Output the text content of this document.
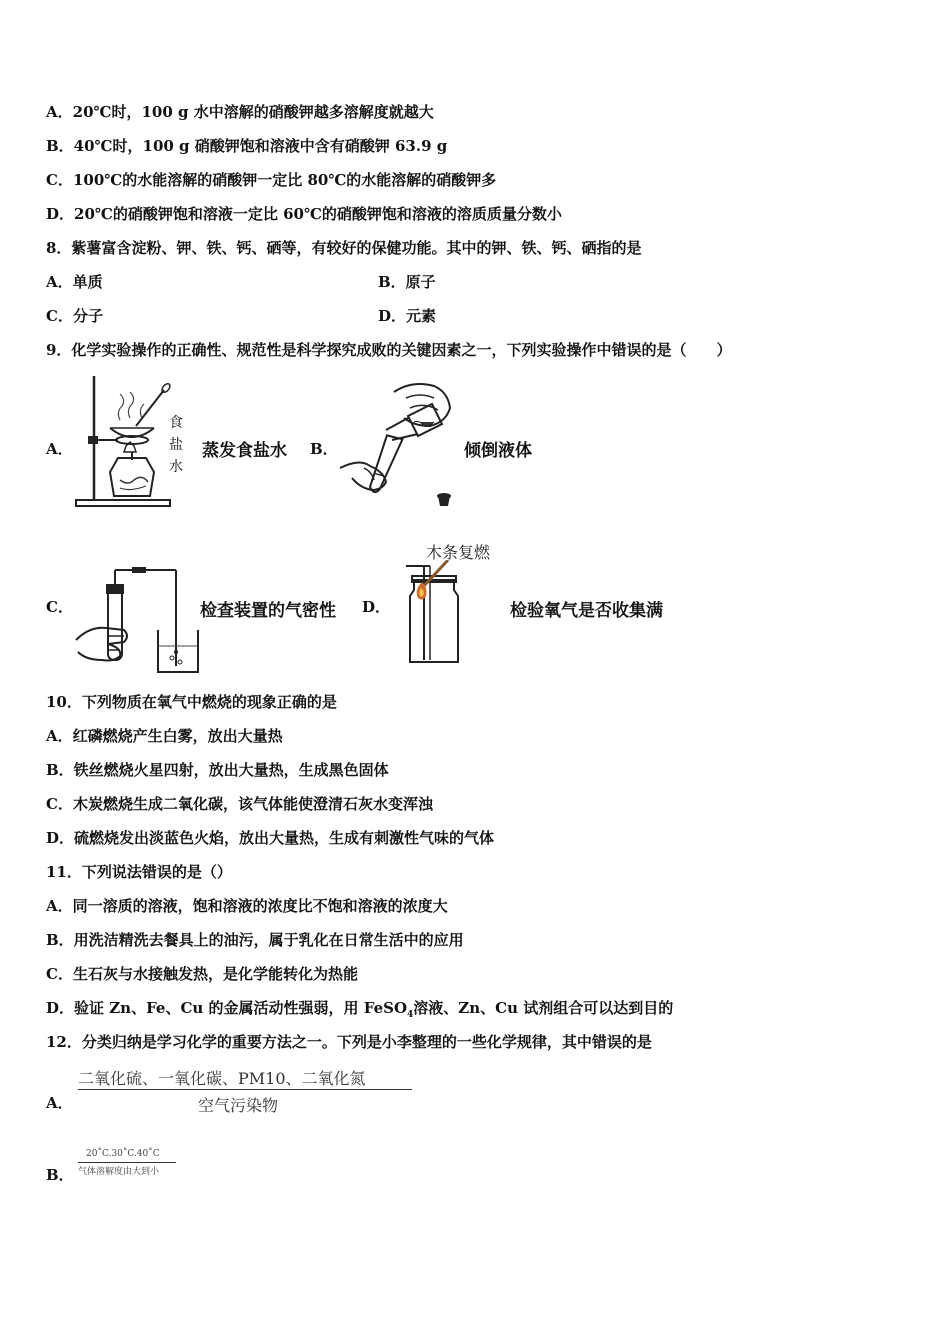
A．20℃时，100 g 水中溶解的硝酸钾越多溶解度就越大
B．40℃时，100 g 硝酸钾饱和溶液中含有硝酸钾 63.9 g
C．100℃的水能溶解的硝酸钾一定比 80℃的水能溶解的硝酸钾多
D．20℃的硝酸钾饱和溶液一定比 60℃的硝酸钾饱和溶液的溶质质量分数小
8．紫薯富含淀粉、钾、铁、钙、硒等，有较好的保健功能。其中的钾、铁、钙、硒指的是
A．单质	B．原子
C．分子	D．元素
9．化学实验操作的正确性、规范性是科学探究成败的关键因素之一，下列实验操作中错误的是（　　）
A．
食
盐
水
蒸发食盐水 B．	倾倒液体
C．	检查装置的气密性 D．
木条复燃
检验氧气是否收集满
10．下列物质在氧气中燃烧的现象正确的是
A．红磷燃烧产生白雾，放出大量热
B．铁丝燃烧火星四射，放出大量热，生成黑色固体
C．木炭燃烧生成二氧化碳，该气体能使澄清石灰水变浑浊
D．硫燃烧发出淡蓝色火焰，放出大量热，生成有刺激性气味的气体
11．下列说法错误的是（）
A．同一溶质的溶液，饱和溶液的浓度比不饱和溶液的浓度大
B．用洗洁精洗去餐具上的油污，属于乳化在日常生活中的应用
C．生石灰与水接触发热，是化学能转化为热能
D．验证 Zn、Fe、Cu 的金属活动性强弱，用 FeSO$_4$溶液、Zn、Cu 试剂组合可以达到目的
12．分类归纳是学习化学的重要方法之一。下列是小李整理的一些化学规律，其中错误的是
A．
二氧化硫、一氧化碳、PM10、二氧化氮
空气污染物
B．
20˚C.30˚C.40˚C
气体溶解度由大到小
